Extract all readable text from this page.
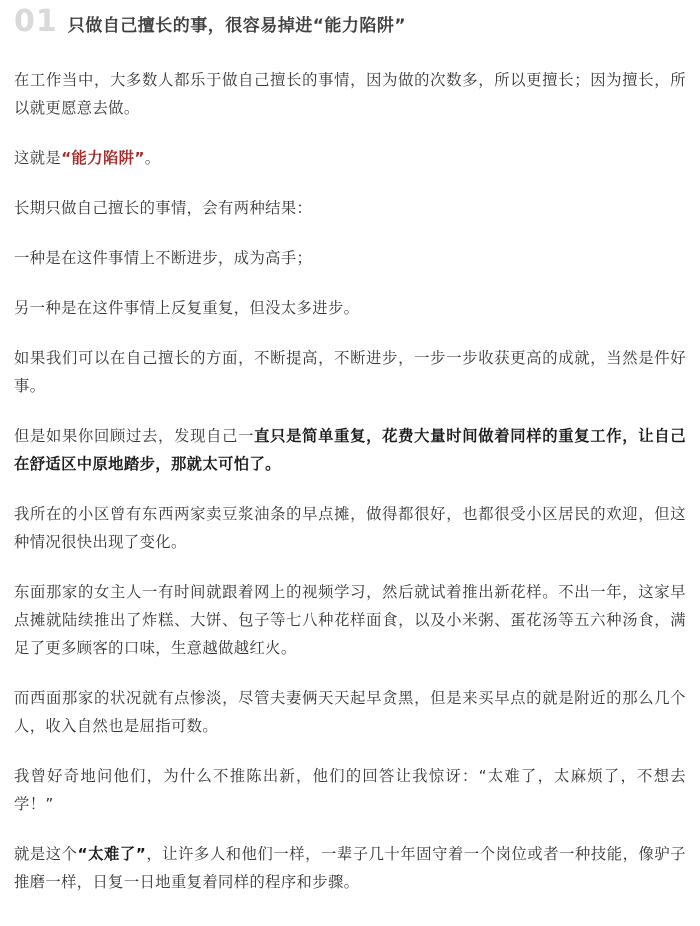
01 只做自己擅长的事，很容易掉进“能力陷阱”

在工作当中，大多数人都乐于做自己擅长的事情，因为做的次数多，所以更擅长；因为擅长，所以就更愿意去做。

这就是“能力陷阱”。

长期只做自己擅长的事情，会有两种结果：

一种是在这件事情上不断进步，成为高手；

另一种是在这件事情上反复重复，但没太多进步。

如果我们可以在自己擅长的方面，不断提高，不断进步，一步一步收获更高的成就，当然是件好事。

但是如果你回顾过去，发现自己一直只是简单重复，花费大量时间做着同样的重复工作，让自己在舒适区中原地踏步，那就太可怕了。

我所在的小区曾有东西两家卖豆浆油条的早点摊，做得都很好，也都很受小区居民的欢迎，但这种情况很快出现了变化。

东面那家的女主人一有时间就跟着网上的视频学习，然后就试着推出新花样。不出一年，这家早点摊就陆续推出了炸糕、大饼、包子等七八种花样面食，以及小米粥、蛋花汤等五六种汤食，满足了更多顾客的口味，生意越做越红火。

而西面那家的状况就有点惨淡，尽管夫妻俩天天起早贪黑，但是来买早点的就是附近的那么几个人，收入自然也是屈指可数。

我曾好奇地问他们，为什么不推陈出新，他们的回答让我惊讶：“太难了，太麻烦了，不想去学！”

就是这个“太难了”，让许多人和他们一样，一辈子几十年固守着一个岗位或者一种技能，像驴子推磨一样，日复一日地重复着同样的程序和步骤。
